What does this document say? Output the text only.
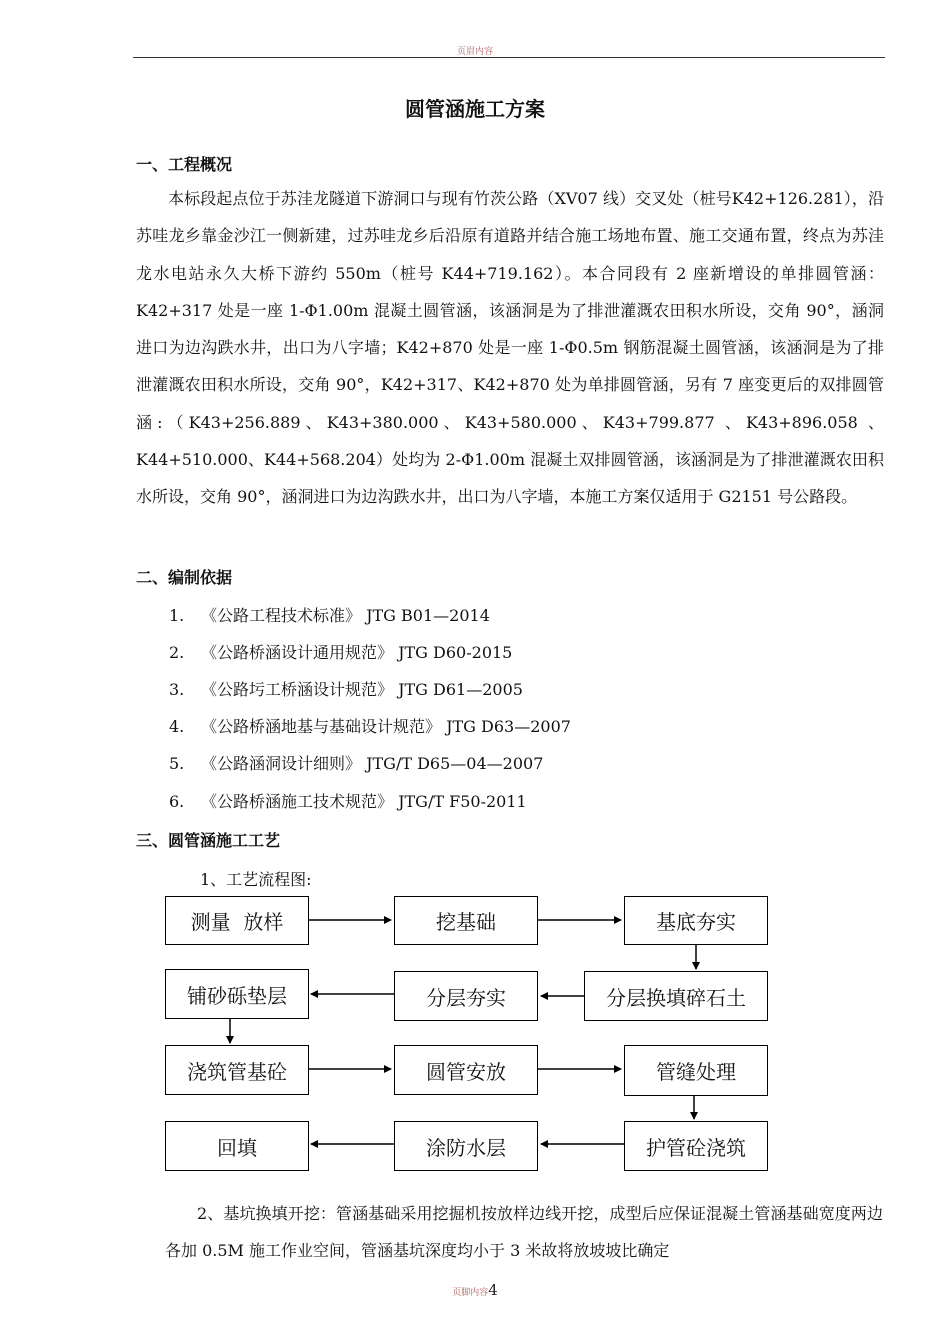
页眉内容
圆管涵施工方案
一、工程概况
本标段起点位于苏洼龙隧道下游洞口与现有竹茨公路（XV07 线）交叉处（桩号K42+126.281），沿苏哇龙乡靠金沙江一侧新建，过苏哇龙乡后沿原有道路并结合施工场地布置、施工交通布置，终点为苏洼龙水电站永久大桥下游约 550m（桩号 K44+719.162）。本合同段有 2 座新增设的单排圆管涵：K42+317 处是一座 1-Φ1.00m 混凝土圆管涵，该涵洞是为了排泄灌溉农田积水所设，交角 90°，涵洞进口为边沟跌水井，出口为八字墙；K42+870 处是一座 1-Φ0.5m 钢筋混凝土圆管涵，该涵洞是为了排泄灌溉农田积水所设，交角 90°，K42+317、K42+870 处为单排圆管涵，另有 7 座变更后的双排圆管涵:（K43+256.889、K43+380.000、K43+580.000、K43+799.877 、K43+896.058 、K44+510.000、K44+568.204）处均为 2-Φ1.00m 混凝土双排圆管涵，该涵洞是为了排泄灌溉农田积水所设，交角 90°，涵洞进口为边沟跌水井，出口为八字墙，本施工方案仅适用于 G2151 号公路段。
二、编制依据
1. 《公路工程技术标准》 JTG B01—2014
2. 《公路桥涵设计通用规范》 JTG D60-2015
3. 《公路圬工桥涵设计规范》 JTG D61—2005
4. 《公路桥涵地基与基础设计规范》 JTG D63—2007
5. 《公路涵洞设计细则》 JTG/T D65—04—2007
6. 《公路桥涵施工技术规范》 JTG/T F50-2011
三、圆管涵施工工艺
1、工艺流程图:
测量  放样	挖基础	基底夯实
分层换填碎石土
分层夯实
铺砂砾垫层
浇筑管基砼	圆管安放	管缝处理
护管砼浇筑
涂防水层
回填
2、基坑换填开挖：管涵基础采用挖掘机按放样边线开挖，成型后应保证混凝土管涵基础宽度两边各加 0.5M 施工作业空间，管涵基坑深度均小于 3 米故将放坡坡比确定
页脚内容4
